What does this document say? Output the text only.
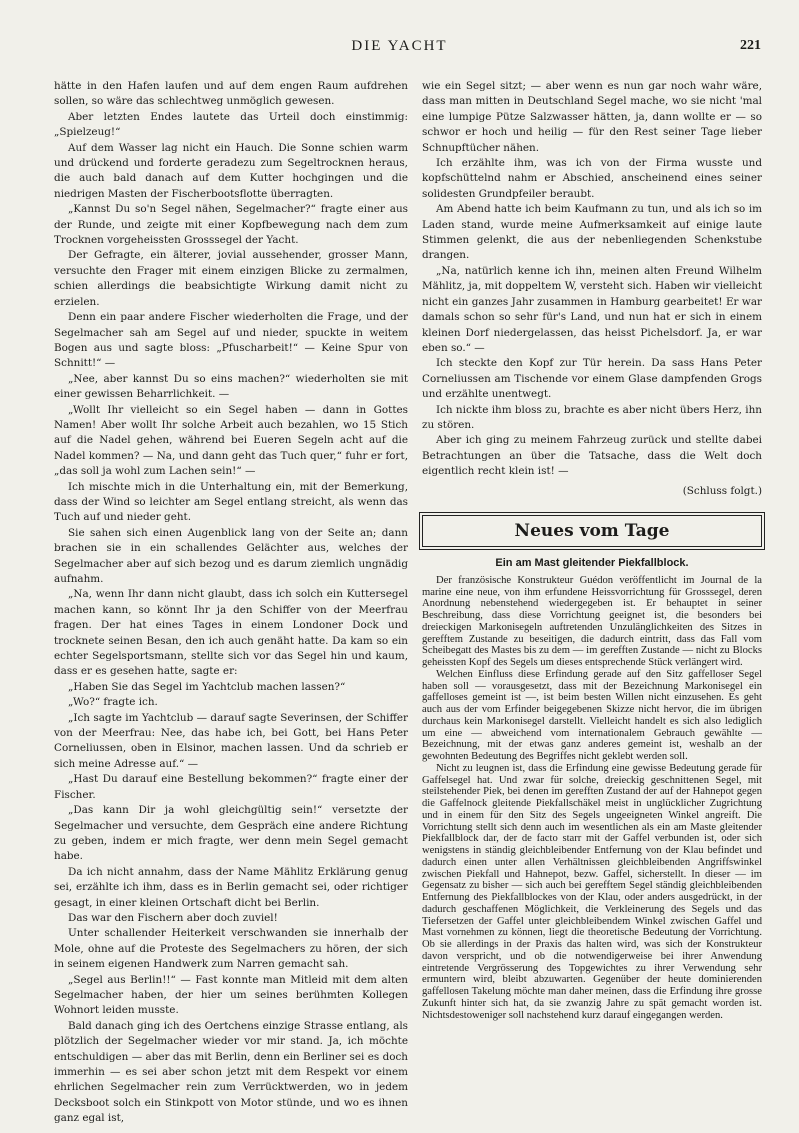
DIE YACHT	221

hätte in den Hafen laufen und auf dem engen Raum aufdrehen sollen, so wäre das schlechtweg unmöglich gewesen.

Aber letzten Endes lautete das Urteil doch einstimmig: „Spielzeug!“

Auf dem Wasser lag nicht ein Hauch. Die Sonne schien warm und drückend und forderte geradezu zum Segeltrocknen heraus, die auch bald danach auf dem Kutter hochgingen und die niedrigen Masten der Fischerbootsflotte überragten.

„Kannst Du so'n Segel nähen, Segelmacher?“ fragte einer aus der Runde, und zeigte mit einer Kopfbewegung nach dem zum Trocknen vorgeheissten Grosssegel der Yacht.

Der Gefragte, ein älterer, jovial aussehender, grosser Mann, versuchte den Frager mit einem einzigen Blicke zu zermalmen, schien allerdings die beabsichtigte Wirkung damit nicht zu erzielen.

Denn ein paar andere Fischer wiederholten die Frage, und der Segelmacher sah am Segel auf und nieder, spuckte in weitem Bogen aus und sagte bloss: „Pfuscharbeit!“ — Keine Spur von Schnitt!“ —

„Nee, aber kannst Du so eins machen?“ wiederholten sie mit einer gewissen Beharrlichkeit. —

„Wollt Ihr vielleicht so ein Segel haben — dann in Gottes Namen! Aber wollt Ihr solche Arbeit auch bezahlen, wo 15 Stich auf die Nadel gehen, während bei Eueren Segeln acht auf die Nadel kommen? — Na, und dann geht das Tuch quer,“ fuhr er fort, „das soll ja wohl zum Lachen sein!“ —

Ich mischte mich in die Unterhaltung ein, mit der Bemerkung, dass der Wind so leichter am Segel entlang streicht, als wenn das Tuch auf und nieder geht.

Sie sahen sich einen Augenblick lang von der Seite an; dann brachen sie in ein schallendes Gelächter aus, welches der Segelmacher aber auf sich bezog und es darum ziemlich ungnädig aufnahm.

„Na, wenn Ihr dann nicht glaubt, dass ich solch ein Kuttersegel machen kann, so könnt Ihr ja den Schiffer von der Meerfrau fragen. Der hat eines Tages in einem Londoner Dock und trocknete seinen Besan, den ich auch genäht hatte. Da kam so ein echter Segelsportsmann, stellte sich vor das Segel hin und kaum, dass er es gesehen hatte, sagte er:

„Haben Sie das Segel im Yachtclub machen lassen?“

„Wo?“ fragte ich.

„Ich sagte im Yachtclub — darauf sagte Severinsen, der Schiffer von der Meerfrau: Nee, das habe ich, bei Gott, bei Hans Peter Corneliussen, oben in Elsinor, machen lassen. Und da schrieb er sich meine Adresse auf.“ —

„Hast Du darauf eine Bestellung bekommen?“ fragte einer der Fischer.

„Das kann Dir ja wohl gleichgültig sein!“ versetzte der Segelmacher und versuchte, dem Gespräch eine andere Richtung zu geben, indem er mich fragte, wer denn mein Segel gemacht habe.

Da ich nicht annahm, dass der Name Mählitz Erklärung genug sei, erzählte ich ihm, dass es in Berlin gemacht sei, oder richtiger gesagt, in einer kleinen Ortschaft dicht bei Berlin.

Das war den Fischern aber doch zuviel!

Unter schallender Heiterkeit verschwanden sie innerhalb der Mole, ohne auf die Proteste des Segelmachers zu hören, der sich in seinem eigenen Handwerk zum Narren gemacht sah.

„Segel aus Berlin!!“ — Fast konnte man Mitleid mit dem alten Segelmacher haben, der hier um seines berühmten Kollegen Wohnort leiden musste.

Bald danach ging ich des Oertchens einzige Strasse entlang, als plötzlich der Segelmacher wieder vor mir stand. Ja, ich möchte entschuldigen — aber das mit Berlin, denn ein Berliner sei es doch immerhin — es sei aber schon jetzt mit dem Respekt vor einem ehrlichen Segelmacher rein zum Verrücktwerden, wo in jedem Decksboot solch ein Stinkpott von Motor stünde, und wo es ihnen ganz egal ist,

wie ein Segel sitzt; — aber wenn es nun gar noch wahr wäre, dass man mitten in Deutschland Segel mache, wo sie nicht 'mal eine lumpige Pütze Salzwasser hätten, ja, dann wollte er — so schwor er hoch und heilig — für den Rest seiner Tage lieber Schnupftücher nähen.

Ich erzählte ihm, was ich von der Firma wusste und kopfschüttelnd nahm er Abschied, anscheinend eines seiner solidesten Grundpfeiler beraubt.

Am Abend hatte ich beim Kaufmann zu tun, und als ich so im Laden stand, wurde meine Aufmerksamkeit auf einige laute Stimmen gelenkt, die aus der nebenliegenden Schenkstube drangen.

„Na, natürlich kenne ich ihn, meinen alten Freund Wilhelm Mählitz, ja, mit doppeltem W, versteht sich. Haben wir vielleicht nicht ein ganzes Jahr zusammen in Hamburg gearbeitet! Er war damals schon so sehr für's Land, und nun hat er sich in einem kleinen Dorf niedergelassen, das heisst Pichelsdorf. Ja, er war eben so.“ —

Ich steckte den Kopf zur Tür herein. Da sass Hans Peter Corneliussen am Tischende vor einem Glase dampfenden Grogs und erzählte unentwegt.

Ich nickte ihm bloss zu, brachte es aber nicht übers Herz, ihn zu stören.

Aber ich ging zu meinem Fahrzeug zurück und stellte dabei Betrachtungen an über die Tatsache, dass die Welt doch eigentlich recht klein ist! —

(Schluss folgt.)
Neues vom Tage
Ein am Mast gleitender Piekfallblock.

Der französische Konstrukteur Guédon veröffentlicht im Journal de la marine eine neue, von ihm erfundene Heissvorrichtung für Grosssegel, deren Anordnung nebenstehend wiedergegeben ist. Er behauptet in seiner Beschreibung, dass diese Vorrichtung geeignet ist, die besonders bei dreieckigen Markonisegeln auftretenden Unzulänglichkeiten des Sitzes in gerefftem Zustande zu beseitigen, die dadurch eintritt, dass das Fall vom Scheibegatt des Mastes bis zu dem — im gerefften Zustande — nicht zu Blocks geheissten Kopf des Segels um dieses entsprechende Stück verlängert wird.

Welchen Einfluss diese Erfindung gerade auf den Sitz gaffelloser Segel haben soll — vorausgesetzt, dass mit der Bezeichnung Markonisegel ein gaffelloses gemeint ist —, ist beim besten Willen nicht einzusehen. Es geht auch aus der vom Erfinder beigegebenen Skizze nicht hervor, die im übrigen durchaus kein Markonisegel darstellt. Vielleicht handelt es sich also lediglich um eine — abweichend vom internationalem Gebrauch gewählte — Bezeichnung, mit der etwas ganz anderes gemeint ist, weshalb an der gewohnten Bedeutung des Begriffes nicht geklebt werden soll.

Nicht zu leugnen ist, dass die Erfindung eine gewisse Bedeutung gerade für Gaffelsegel hat. Und zwar für solche, dreieckig geschnittenen Segel, mit steilstehender Piek, bei denen im gerefften Zustand der auf der Hahnepot gegen die Gaffelnock gleitende Piekfallschäkel meist in unglücklicher Zugrichtung und in einem für den Sitz des Segels ungeeigneten Winkel angreift. Die Vorrichtung stellt sich denn auch im wesentlichen als ein am Maste gleitender Piekfallblock dar, der de facto starr mit der Gaffel verbunden ist, oder sich wenigstens in ständig gleichbleibender Entfernung von der Klau befindet und dadurch einen unter allen Verhältnissen gleichbleibenden Angriffswinkel zwischen Piekfall und Hahnepot, bezw. Gaffel, sicherstellt. In dieser — im Gegensatz zu bisher — sich auch bei gerefftem Segel ständig gleichbleibenden Entfernung des Piekfallblockes von der Klau, oder anders ausgedrückt, in der dadurch geschaffenen Möglichkeit, die Verkleinerung des Segels und das Tiefersetzen der Gaffel unter gleichbleibendem Winkel zwischen Gaffel und Mast vornehmen zu können, liegt die theoretische Bedeutung der Vorrichtung. Ob sie allerdings in der Praxis das halten wird, was sich der Konstrukteur davon verspricht, und ob die notwendigerweise bei ihrer Anwendung eintretende Vergrösserung des Topgewichtes zu ihrer Verwendung sehr ermuntern wird, bleibt abzuwarten. Gegenüber der heute dominierenden gaffellosen Takelung möchte man daher meinen, dass die Erfindung ihre grosse Zukunft hinter sich hat, da sie zwanzig Jahre zu spät gemacht worden ist. Nichtsdestoweniger soll nachstehend kurz darauf eingegangen werden.
